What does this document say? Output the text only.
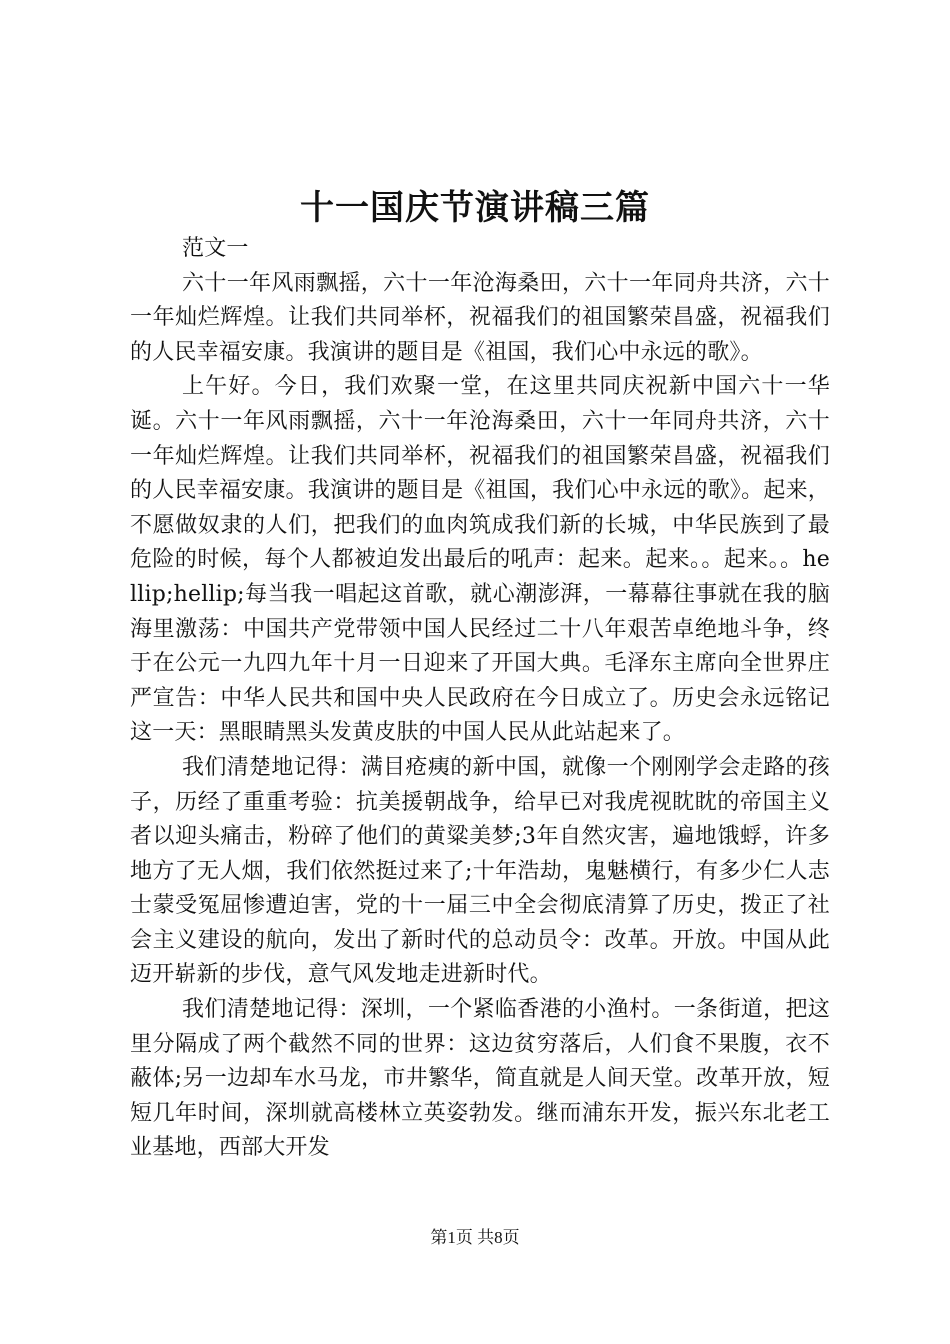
十一国庆节演讲稿三篇

范文一

六十一年风雨飘摇，六十一年沧海桑田，六十一年同舟共济，六十一年灿烂辉煌。让我们共同举杯，祝福我们的祖国繁荣昌盛，祝福我们的人民幸福安康。我演讲的题目是《祖国，我们心中永远的歌》。

上午好。今日，我们欢聚一堂，在这里共同庆祝新中国六十一华诞。六十一年风雨飘摇，六十一年沧海桑田，六十一年同舟共济，六十一年灿烂辉煌。让我们共同举杯，祝福我们的祖国繁荣昌盛，祝福我们的人民幸福安康。我演讲的题目是《祖国，我们心中永远的歌》。起来，不愿做奴隶的人们，把我们的血肉筑成我们新的长城，中华民族到了最危险的时候，每个人都被迫发出最后的吼声：起来。起来。。起来。。hellip;hellip;每当我一唱起这首歌，就心潮澎湃，一幕幕往事就在我的脑海里激荡：中国共产党带领中国人民经过二十八年艰苦卓绝地斗争，终于在公元一九四九年十月一日迎来了开国大典。毛泽东主席向全世界庄严宣告：中华人民共和国中央人民政府在今日成立了。历史会永远铭记这一天：黑眼睛黑头发黄皮肤的中国人民从此站起来了。

我们清楚地记得：满目疮痍的新中国，就像一个刚刚学会走路的孩子，历经了重重考验：抗美援朝战争，给早已对我虎视眈眈的帝国主义者以迎头痛击，粉碎了他们的黄粱美梦;3年自然灾害，遍地饿蜉，许多地方了无人烟，我们依然挺过来了;十年浩劫，鬼魅横行，有多少仁人志士蒙受冤屈惨遭迫害，党的十一届三中全会彻底清算了历史，拨正了社会主义建设的航向，发出了新时代的总动员令：改革。开放。中国从此迈开崭新的步伐，意气风发地走进新时代。

我们清楚地记得：深圳，一个紧临香港的小渔村。一条街道，把这里分隔成了两个截然不同的世界：这边贫穷落后，人们食不果腹，衣不蔽体;另一边却车水马龙，市井繁华，简直就是人间天堂。改革开放，短短几年时间，深圳就高楼林立英姿勃发。继而浦东开发，振兴东北老工业基地，西部大开发

第1页 共8页
